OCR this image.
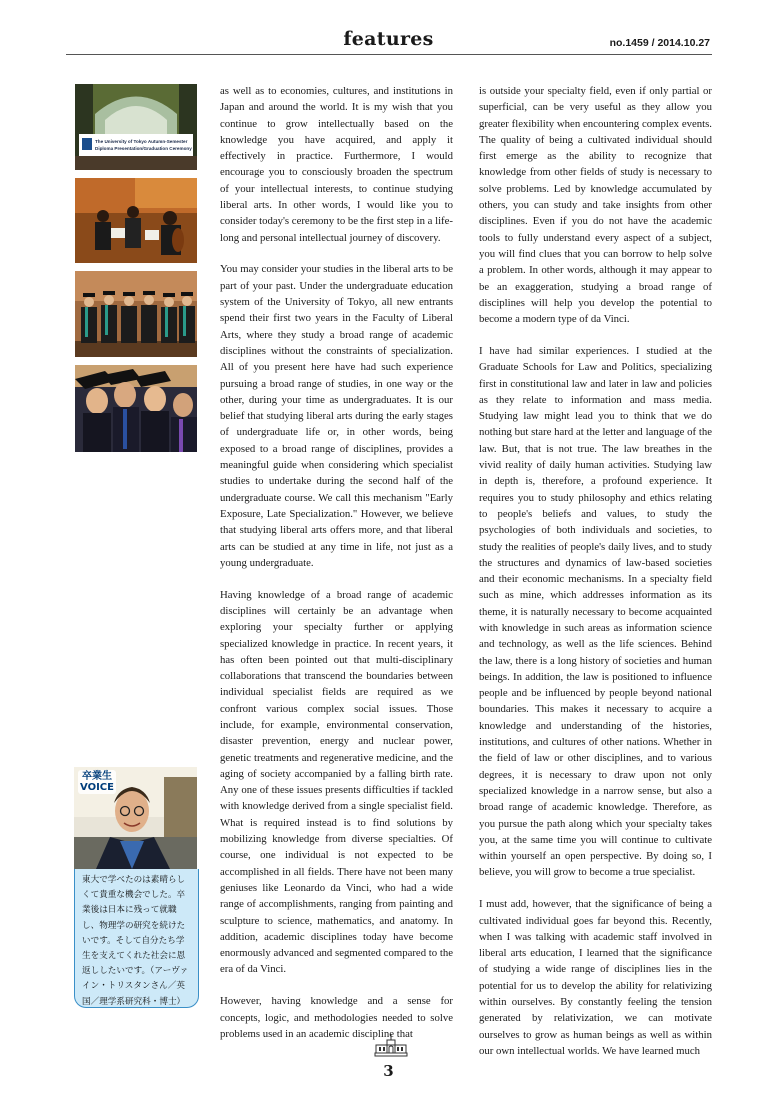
features	no.1459 / 2014.10.27
The University of Tokyo Autumn-Semester
Diploma Presentation/Graduation Ceremony
卒業生
VOICE
東大で学べたのは素晴らしくて貴重な機会でした。卒業後は日本に残って就職し、物理学の研究を続けたいです。そして自分たち学生を支えてくれた社会に恩返ししたいです。（アーヴァイン・トリスタンさん／英国／理学系研究科・博士）

as well as to economies, cultures, and institutions in Japan and around the world. It is my wish that you continue to grow intellectually based on the knowledge you have acquired, and apply it effectively in practice. Furthermore, I would encourage you to consciously broaden the spectrum of your intellectual interests, to continue studying liberal arts. In other words, I would like you to consider today's ceremony to be the first step in a life-long and personal intellectual journey of discovery.

You may consider your studies in the liberal arts to be part of your past. Under the undergraduate education system of the University of Tokyo, all new entrants spend their first two years in the Faculty of Liberal Arts, where they study a broad range of academic disciplines without the constraints of specialization. All of you present here have had such experience pursuing a broad range of studies, in one way or the other, during your time as undergraduates. It is our belief that studying liberal arts during the early stages of undergraduate life or, in other words, being exposed to a broad range of disciplines, provides a meaningful guide when considering which specialist studies to undertake during the second half of the undergraduate course. We call this mechanism "Early Exposure, Late Specialization." However, we believe that studying liberal arts offers more, and that liberal arts can be studied at any time in life, not just as a young undergraduate.

Having knowledge of a broad range of academic disciplines will certainly be an advantage when exploring your specialty further or applying specialized knowledge in practice. In recent years, it has often been pointed out that multi-disciplinary collaborations that transcend the boundaries between individual specialist fields are required as we confront various complex social issues. Those include, for example, environmental conservation, disaster prevention, energy and nuclear power, genetic treatments and regenerative medicine, and the aging of society accompanied by a falling birth rate. Any one of these issues presents difficulties if tackled with knowledge derived from a single specialist field. What is required instead is to find solutions by mobilizing knowledge from diverse specialties. Of course, one individual is not expected to be accomplished in all fields. There have not been many geniuses like Leonardo da Vinci, who had a wide range of accomplishments, ranging from painting and sculpture to science, mathematics, and anatomy. In addition, academic disciplines today have become enormously advanced and segmented compared to the era of da Vinci.

However, having knowledge and a sense for concepts, logic, and methodologies needed to solve problems used in an academic discipline that

is outside your specialty field, even if only partial or superficial, can be very useful as they allow you greater flexibility when encountering complex events. The quality of being a cultivated individual should first emerge as the ability to recognize that knowledge from other fields of study is necessary to solve problems. Led by knowledge accumulated by others, you can study and take insights from other disciplines. Even if you do not have the academic tools to fully understand every aspect of a subject, you will find clues that you can borrow to help solve a problem. In other words, although it may appear to be an exaggeration, studying a broad range of disciplines will help you develop the potential to become a modern type of da Vinci.

I have had similar experiences. I studied at the Graduate Schools for Law and Politics, specializing first in constitutional law and later in law and policies as they relate to information and mass media. Studying law might lead you to think that we do nothing but stare hard at the letter and language of the law. But, that is not true. The law breathes in the vivid reality of daily human activities. Studying law in depth is, therefore, a profound experience. It requires you to study philosophy and ethics relating to people's beliefs and values, to study the psychologies of both individuals and societies, to study the realities of people's daily lives, and to study the structures and dynamics of law-based societies and their economic mechanisms. In a specialty field such as mine, which addresses information as its theme, it is naturally necessary to become acquainted with knowledge in such areas as information science and technology, as well as the life sciences. Behind the law, there is a long history of societies and human beings. In addition, the law is positioned to influence people and be influenced by people beyond national boundaries. This makes it necessary to acquire a knowledge and understanding of the histories, institutions, and cultures of other nations. Whether in the field of law or other disciplines, and to various degrees, it is necessary to draw upon not only specialized knowledge in a narrow sense, but also a broad range of academic knowledge. Therefore, as you pursue the path along which your specialty takes you, at the same time you will continue to cultivate within yourself an open perspective. By doing so, I believe, you will grow to become a true specialist.

I must add, however, that the significance of being a cultivated individual goes far beyond this. Recently, when I was talking with academic staff involved in liberal arts education, I learned that the significance of studying a wide range of disciplines lies in the potential for us to develop the ability for relativizing within ourselves. By constantly feeling the tension generated by relativization, we can motivate ourselves to grow as human beings as well as within our own intellectual worlds. We have learned much

3
